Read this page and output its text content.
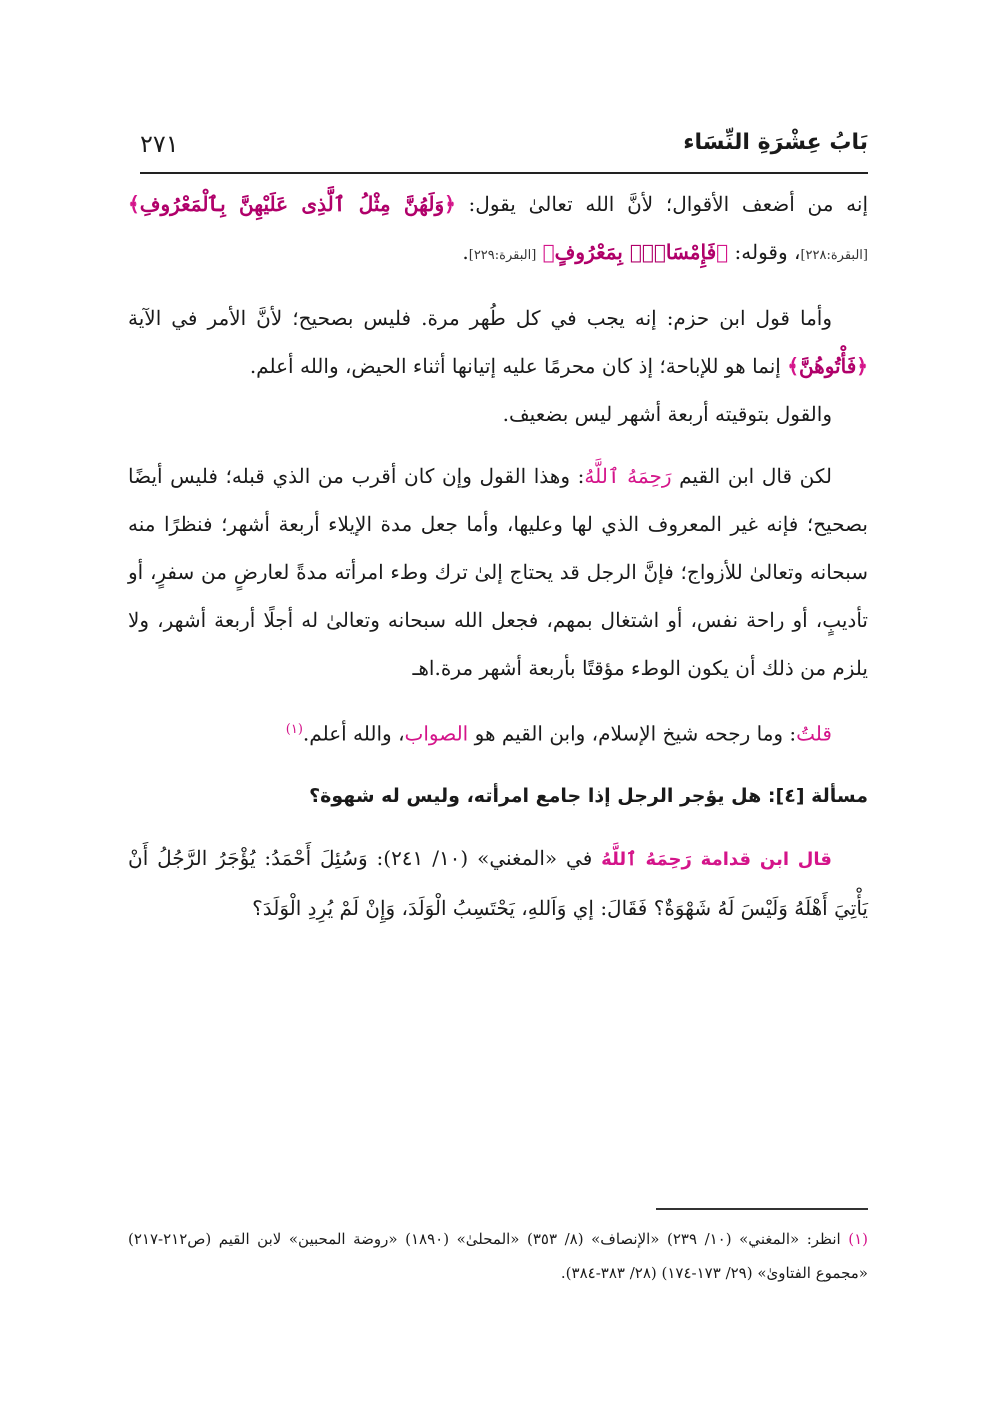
بَابُ عِشْرَةِ النِّسَاء
٢٧١

إنه من أضعف الأقوال؛ لأنَّ الله تعالىٰ يقول: ﴿وَلَهُنَّ مِثْلُ ٱلَّذِى عَلَيْهِنَّ بِٱلْمَعْرُوفِ﴾ [البقرة:٢٢٨]، وقوله: ﴿فَإِمْسَاكٌۢ بِمَعْرُوفٍ﴾ [البقرة:٢٢٩].

وأما قول ابن حزم: إنه يجب في كل طُهر مرة. فليس بصحيح؛ لأنَّ الأمر في الآية ﴿فَأْتُوهُنَّ﴾ إنما هو للإباحة؛ إذ كان محرمًا عليه إتيانها أثناء الحيض، والله أعلم.

والقول بتوقيته أربعة أشهر ليس بضعيف.

لكن قال ابن القيم رَحِمَهُ ٱللَّهُ: وهذا القول وإن كان أقرب من الذي قبله؛ فليس أيضًا بصحيح؛ فإنه غير المعروف الذي لها وعليها، وأما جعل مدة الإيلاء أربعة أشهر؛ فنظرًا منه سبحانه وتعالىٰ للأزواج؛ فإنَّ الرجل قد يحتاج إلىٰ ترك وطء امرأته مدةً لعارضٍ من سفرٍ، أو تأديبٍ، أو راحة نفس، أو اشتغال بمهم، فجعل الله سبحانه وتعالىٰ له أجلًا أربعة أشهر، ولا يلزم من ذلك أن يكون الوطء مؤقتًا بأربعة أشهر مرة.اهـ

قلتُ: وما رجحه شيخ الإسلام، وابن القيم هو الصواب، والله أعلم.$^{(١)}$

مسألة [٤]: هل يؤجر الرجل إذا جامع امرأته، وليس له شهوة؟

قال ابن قدامة رَحِمَهُ ٱللَّهُ في «المغني» (١٠/ ٢٤١): وَسُئِلَ أَحْمَدُ: يُؤْجَرُ الرَّجُلُ أَنْ يَأْتِيَ أَهْلَهُ وَلَيْسَ لَهُ شَهْوَةٌ؟ فَقَالَ: إي وَاَللهِ، يَحْتَسِبُ الْوَلَدَ، وَإِنْ لَمْ يُرِدِ الْوَلَدَ؟

(١) انظر: «المغني» (١٠/ ٢٣٩) «الإنصاف» (٨/ ٣٥٣) «المحلىٰ» (١٨٩٠) «روضة المحبين» لابن القيم (ص٢١٢-٢١٧) «مجموع الفتاوىٰ» (٢٩/ ١٧٣-١٧٤) (٢٨/ ٣٨٣-٣٨٤).
